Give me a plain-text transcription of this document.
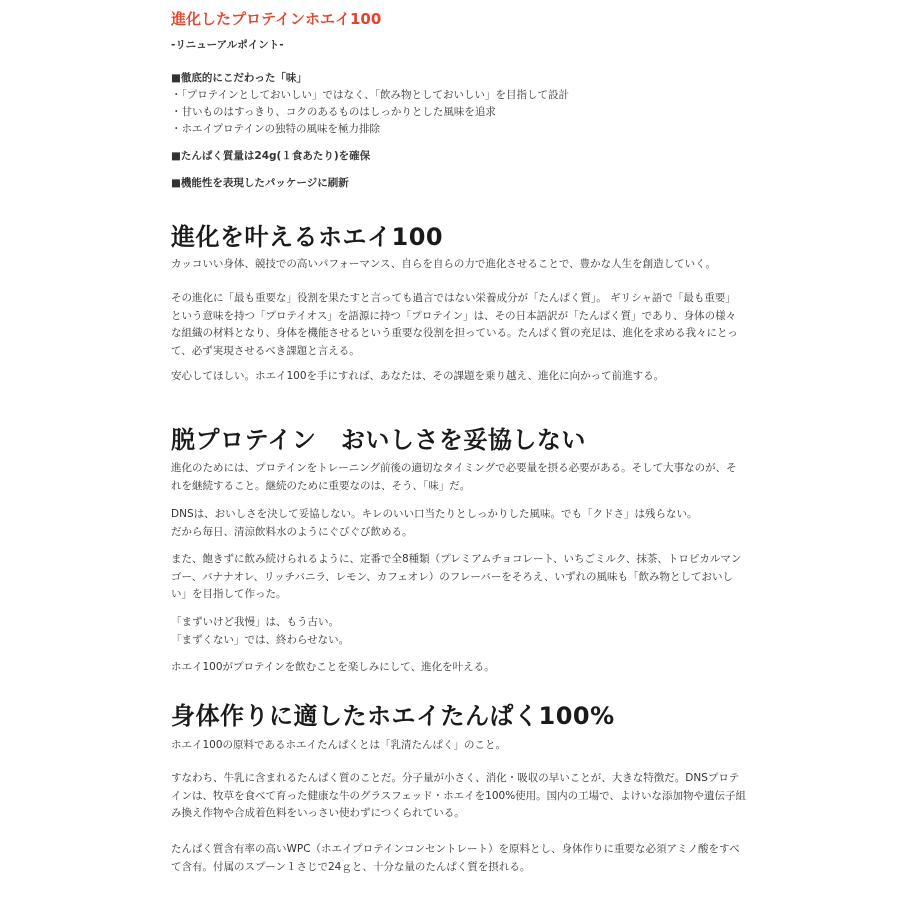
進化したプロテインホエイ100
-リニューアルポイント-
■徹底的にこだわった「味」
・「プロテインとしておいしい」ではなく、「飲み物としておいしい」を目指して設計
・甘いものはすっきり、コクのあるものはしっかりとした風味を追求
・ホエイプロテインの独特の風味を極力排除
■たんぱく質量は24g(１食あたり)を確保
■機能性を表現したパッケージに刷新
進化を叶えるホエイ100
カッコいい身体、競技での高いパフォーマンス、自らを自らの力で進化させることで、豊かな人生を創造していく。
その進化に「最も重要な」役割を果たすと言っても過言ではない栄養成分が「たんぱく質」。 ギリシャ語で「最も重要」
という意味を持つ「プロテイオス」を語源に持つ「プロテイン」は、その日本語訳が「たんぱく質」であり、身体の様々
な組織の材料となり、身体を機能させるという重要な役割を担っている。たんぱく質の充足は、進化を求める我々にとっ
て、必ず実現させるべき課題と言える。
安心してほしい。ホエイ100を手にすれば、あなたは、その課題を乗り越え、進化に向かって前進する。
脱プロテイン　おいしさを妥協しない
進化のためには、プロテインをトレーニング前後の適切なタイミングで必要量を摂る必要がある。そして大事なのが、そ
れを継続すること。継続のために重要なのは、そう、「味」だ。
DNSは、おいしさを決して妥協しない。キレのいい口当たりとしっかりした風味。でも「クドさ」は残らない。
だから毎日、清涼飲料水のようにぐびぐび飲める。
また、飽きずに飲み続けられるように、定番で全8種類（プレミアムチョコレート、いちごミルク、抹茶、トロピカルマン
ゴー、バナナオレ、リッチバニラ、レモン、カフェオレ）のフレーバーをそろえ、いずれの風味も「飲み物としておいし
い」を目指して作った。
「まずいけど我慢」は、もう古い。
「まずくない」では、終わらせない。
ホエイ100がプロテインを飲むことを楽しみにして、進化を叶える。
身体作りに適したホエイたんぱく100%
ホエイ100の原料であるホエイたんぱくとは「乳清たんぱく」のこと。
すなわち、牛乳に含まれるたんぱく質のことだ。分子量が小さく、消化・吸収の早いことが、大きな特徴だ。DNSプロテ
インは、牧草を食べて育った健康な牛のグラスフェッド・ホエイを100%使用。国内の工場で、よけいな添加物や遺伝子組
み換え作物や合成着色料をいっさい使わずにつくられている。
たんぱく質含有率の高いWPC（ホエイプロテインコンセントレート）を原料とし、身体作りに重要な必須アミノ酸をすべ
て含有。付属のスプーン１さじで24ｇと、十分な量のたんぱく質を摂れる。
